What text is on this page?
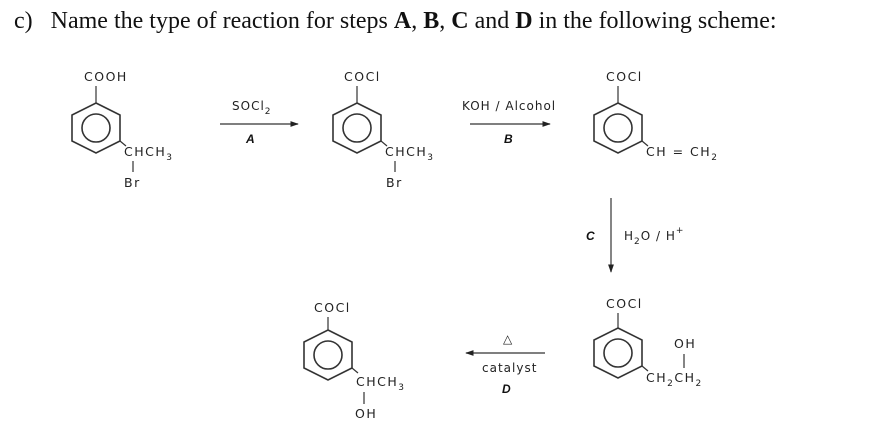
c) Name the type of reaction for steps A, B, C and D in the following scheme:
COOH
$CHCH_3$
Br
SOCl$_2$
A
COCl
$CHCH_3$
Br
KOH / Alcohol
B
COCl
CH = $CH_2$
C $H_2O / H^+$
COCl
$CH_2CH_2$
OH
△
catalyst
D
COCl
$CHCH_3$
OH
